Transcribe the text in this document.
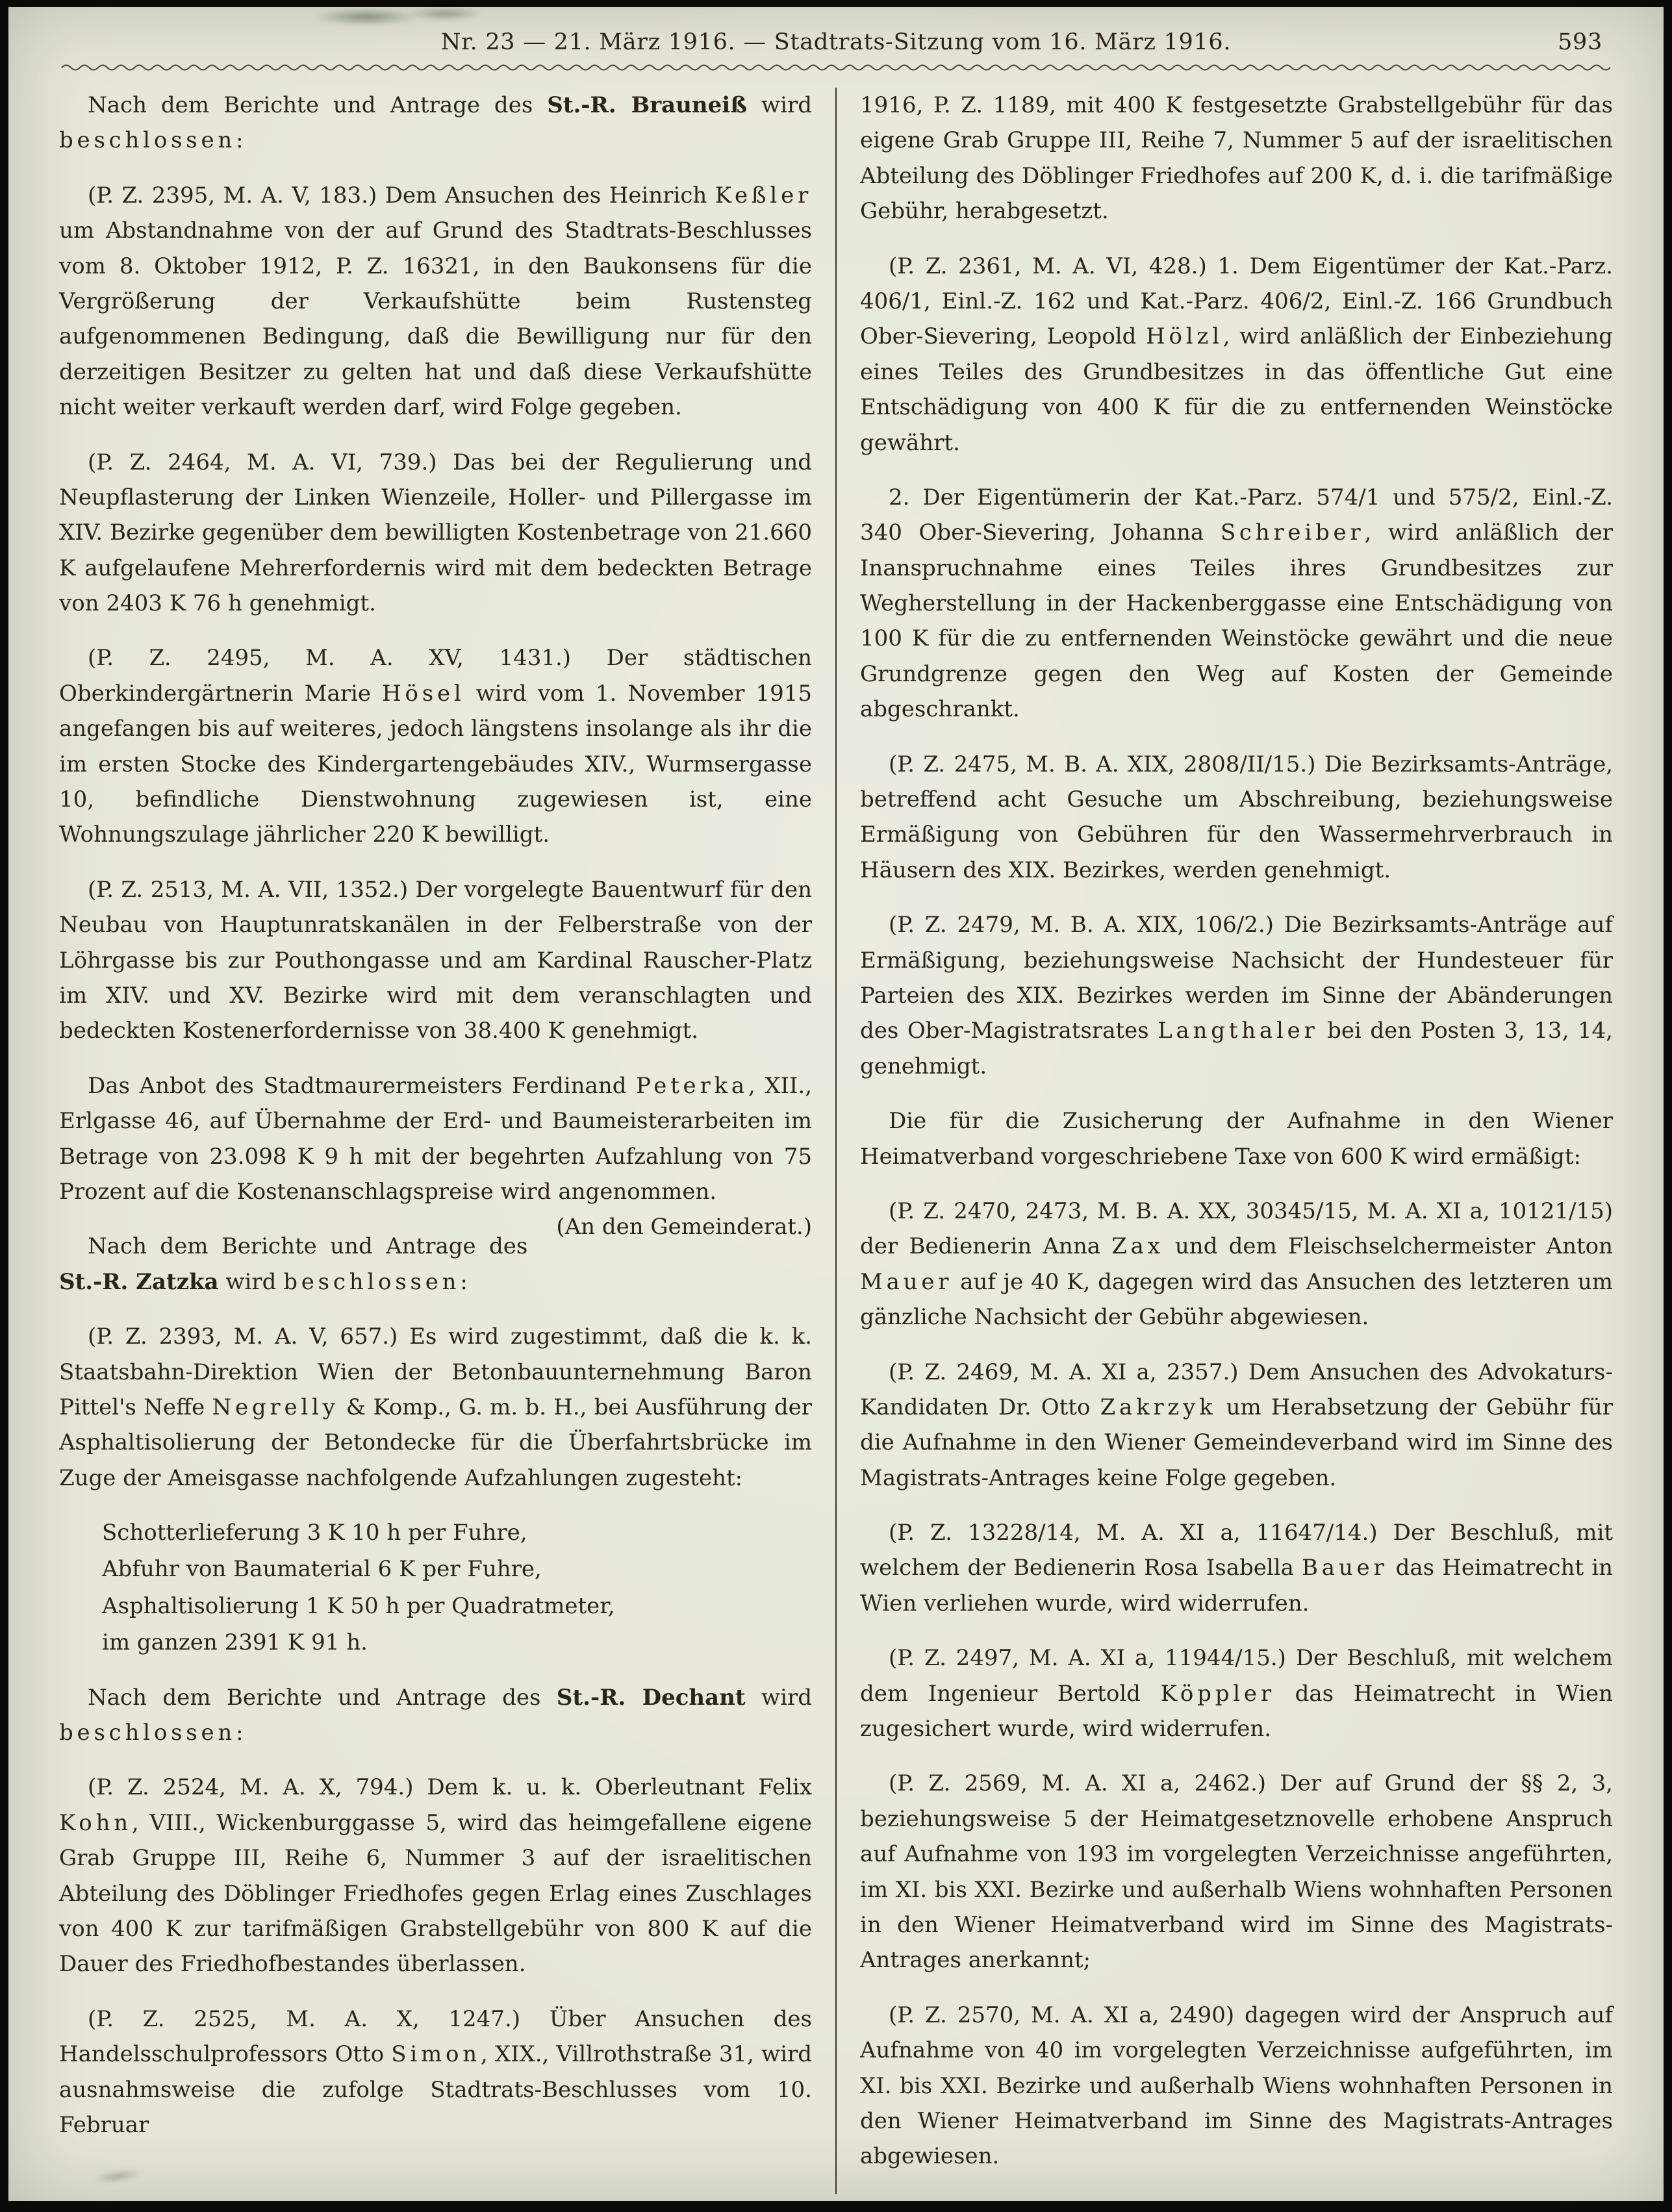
Nr. 23 — 21. März 1916. — Stadtrats-Sitzung vom 16. März 1916.	593

Nach dem Berichte und Antrage des St.-R. Brauneiß wird beschlossen:

(P. Z. 2395, M. A. V, 183.) Dem Ansuchen des Heinrich Keßler um Abstandnahme von der auf Grund des Stadtrats-Beschlusses vom 8. Oktober 1912, P. Z. 16321, in den Baukonsens für die Vergrößerung der Verkaufshütte beim Rustensteg aufgenommenen Bedingung, daß die Bewilligung nur für den derzeitigen Besitzer zu gelten hat und daß diese Verkaufshütte nicht weiter verkauft werden darf, wird Folge gegeben.

(P. Z. 2464, M. A. VI, 739.) Das bei der Regulierung und Neupflasterung der Linken Wienzeile, Holler- und Pillergasse im XIV. Bezirke gegenüber dem bewilligten Kostenbetrage von 21.660 K aufgelaufene Mehrerfordernis wird mit dem bedeckten Betrage von 2403 K 76 h genehmigt.

(P. Z. 2495, M. A. XV, 1431.) Der städtischen Oberkindergärtnerin Marie Hösel wird vom 1. November 1915 angefangen bis auf weiteres, jedoch längstens insolange als ihr die im ersten Stocke des Kindergartengebäudes XIV., Wurmsergasse 10, befindliche Dienstwohnung zugewiesen ist, eine Wohnungszulage jährlicher 220 K bewilligt.

(P. Z. 2513, M. A. VII, 1352.) Der vorgelegte Bauentwurf für den Neubau von Hauptunratskanälen in der Felberstraße von der Löhrgasse bis zur Pouthongasse und am Kardinal Rauscher-Platz im XIV. und XV. Bezirke wird mit dem veranschlagten und bedeckten Kostenerfordernisse von 38.400 K genehmigt.

Das Anbot des Stadtmaurermeisters Ferdinand Peterka, XII., Erlgasse 46, auf Übernahme der Erd- und Baumeisterarbeiten im Betrage von 23.098 K 9 h mit der begehrten Aufzahlung von 75 Prozent auf die Kostenanschlagspreise wird angenommen.
(An den Gemeinderat.)

Nach dem Berichte und Antrage des St.-R. Zatzka wird beschlossen:

(P. Z. 2393, M. A. V, 657.) Es wird zugestimmt, daß die k. k. Staatsbahn-Direktion Wien der Betonbauunternehmung Baron Pittel's Neffe Negrelly & Komp., G. m. b. H., bei Ausführung der Asphaltisolierung der Betondecke für die Überfahrtsbrücke im Zuge der Ameisgasse nachfolgende Aufzahlungen zugesteht:

Schotterlieferung 3 K 10 h per Fuhre,

Abfuhr von Baumaterial 6 K per Fuhre,

Asphaltisolierung 1 K 50 h per Quadratmeter,

im ganzen 2391 K 91 h.

Nach dem Berichte und Antrage des St.-R. Dechant wird beschlossen:

(P. Z. 2524, M. A. X, 794.) Dem k. u. k. Oberleutnant Felix Kohn, VIII., Wickenburggasse 5, wird das heimgefallene eigene Grab Gruppe III, Reihe 6, Nummer 3 auf der israelitischen Abteilung des Döblinger Friedhofes gegen Erlag eines Zuschlages von 400 K zur tarifmäßigen Grabstellgebühr von 800 K auf die Dauer des Friedhofbestandes überlassen.

(P. Z. 2525, M. A. X, 1247.) Über Ansuchen des Handelsschulprofessors Otto Simon, XIX., Villrothstraße 31, wird ausnahmsweise die zufolge Stadtrats-Beschlusses vom 10. Februar

1916, P. Z. 1189, mit 400 K festgesetzte Grabstellgebühr für das eigene Grab Gruppe III, Reihe 7, Nummer 5 auf der israelitischen Abteilung des Döblinger Friedhofes auf 200 K, d. i. die tarifmäßige Gebühr, herabgesetzt.

(P. Z. 2361, M. A. VI, 428.) 1. Dem Eigentümer der Kat.-Parz. 406/1, Einl.-Z. 162 und Kat.-Parz. 406/2, Einl.-Z. 166 Grundbuch Ober-Sievering, Leopold Hölzl, wird anläßlich der Einbeziehung eines Teiles des Grundbesitzes in das öffentliche Gut eine Entschädigung von 400 K für die zu entfernenden Weinstöcke gewährt.

2. Der Eigentümerin der Kat.-Parz. 574/1 und 575/2, Einl.-Z. 340 Ober-Sievering, Johanna Schreiber, wird anläßlich der Inanspruchnahme eines Teiles ihres Grundbesitzes zur Wegherstellung in der Hackenberggasse eine Entschädigung von 100 K für die zu entfernenden Weinstöcke gewährt und die neue Grundgrenze gegen den Weg auf Kosten der Gemeinde abgeschrankt.

(P. Z. 2475, M. B. A. XIX, 2808/II/15.) Die Bezirksamts-Anträge, betreffend acht Gesuche um Abschreibung, beziehungsweise Ermäßigung von Gebühren für den Wassermehrverbrauch in Häusern des XIX. Bezirkes, werden genehmigt.

(P. Z. 2479, M. B. A. XIX, 106/2.) Die Bezirksamts-Anträge auf Ermäßigung, beziehungsweise Nachsicht der Hundesteuer für Parteien des XIX. Bezirkes werden im Sinne der Abänderungen des Ober-Magistratsrates Langthaler bei den Posten 3, 13, 14, genehmigt.

Die für die Zusicherung der Aufnahme in den Wiener Heimatverband vorgeschriebene Taxe von 600 K wird ermäßigt:

(P. Z. 2470, 2473, M. B. A. XX, 30345/15, M. A. XI a, 10121/15) der Bedienerin Anna Zax und dem Fleischselchermeister Anton Mauer auf je 40 K, dagegen wird das Ansuchen des letzteren um gänzliche Nachsicht der Gebühr abgewiesen.

(P. Z. 2469, M. A. XI a, 2357.) Dem Ansuchen des Advokaturs-Kandidaten Dr. Otto Zakrzyk um Herabsetzung der Gebühr für die Aufnahme in den Wiener Gemeindeverband wird im Sinne des Magistrats-Antrages keine Folge gegeben.

(P. Z. 13228/14, M. A. XI a, 11647/14.) Der Beschluß, mit welchem der Bedienerin Rosa Isabella Bauer das Heimatrecht in Wien verliehen wurde, wird widerrufen.

(P. Z. 2497, M. A. XI a, 11944/15.) Der Beschluß, mit welchem dem Ingenieur Bertold Köppler das Heimatrecht in Wien zugesichert wurde, wird widerrufen.

(P. Z. 2569, M. A. XI a, 2462.) Der auf Grund der §§ 2, 3, beziehungsweise 5 der Heimatgesetznovelle erhobene Anspruch auf Aufnahme von 193 im vorgelegten Verzeichnisse angeführten, im XI. bis XXI. Bezirke und außerhalb Wiens wohnhaften Personen in den Wiener Heimatverband wird im Sinne des Magistrats-Antrages anerkannt;

(P. Z. 2570, M. A. XI a, 2490) dagegen wird der Anspruch auf Aufnahme von 40 im vorgelegten Verzeichnisse aufgeführten, im XI. bis XXI. Bezirke und außerhalb Wiens wohnhaften Personen in den Wiener Heimatverband im Sinne des Magistrats-Antrages abgewiesen.
